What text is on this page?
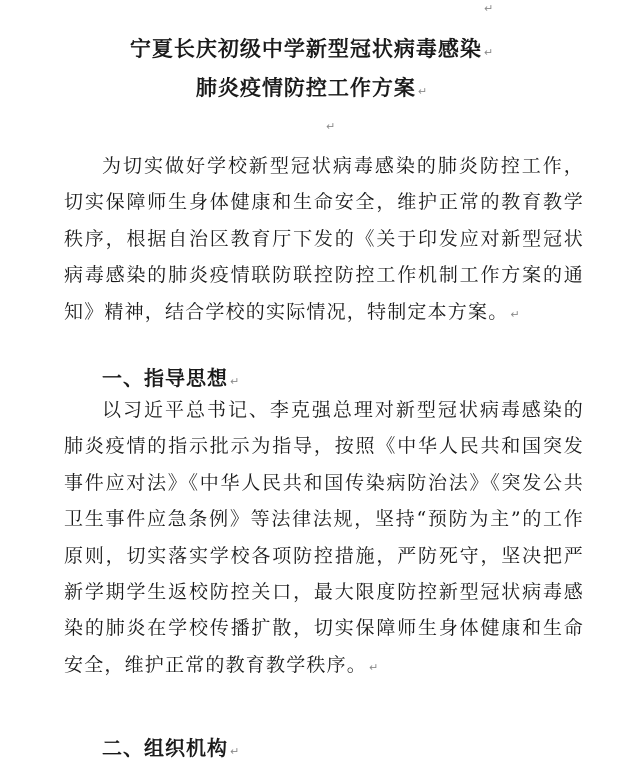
↵
宁夏长庆初级中学新型冠状病毒感染 ↵
肺炎疫情防控工作方案 ↵
↵
为切实做好学校新型冠状病毒感染的肺炎防控工作，切实保障师生身体健康和生命安全，维护正常的教育教学秩序，根据自治区教育厅下发的《关于印发应对新型冠状病毒感染的肺炎疫情联防联控防控工作机制工作方案的通知》精神，结合学校的实际情况，特制定本方案。 ↵
一、指导思想 ↵
以习近平总书记、李克强总理对新型冠状病毒感染的肺炎疫情的指示批示为指导，按照《中华人民共和国突发事件应对法》《中华人民共和国传染病防治法》《突发公共卫生事件应急条例》等法律法规，坚持“预防为主”的工作原则，切实落实学校各项防控措施，严防死守，坚决把严新学期学生返校防控关口，最大限度防控新型冠状病毒感染的肺炎在学校传播扩散，切实保障师生身体健康和生命安全，维护正常的教育教学秩序。 ↵
二、组织机构 ↵
